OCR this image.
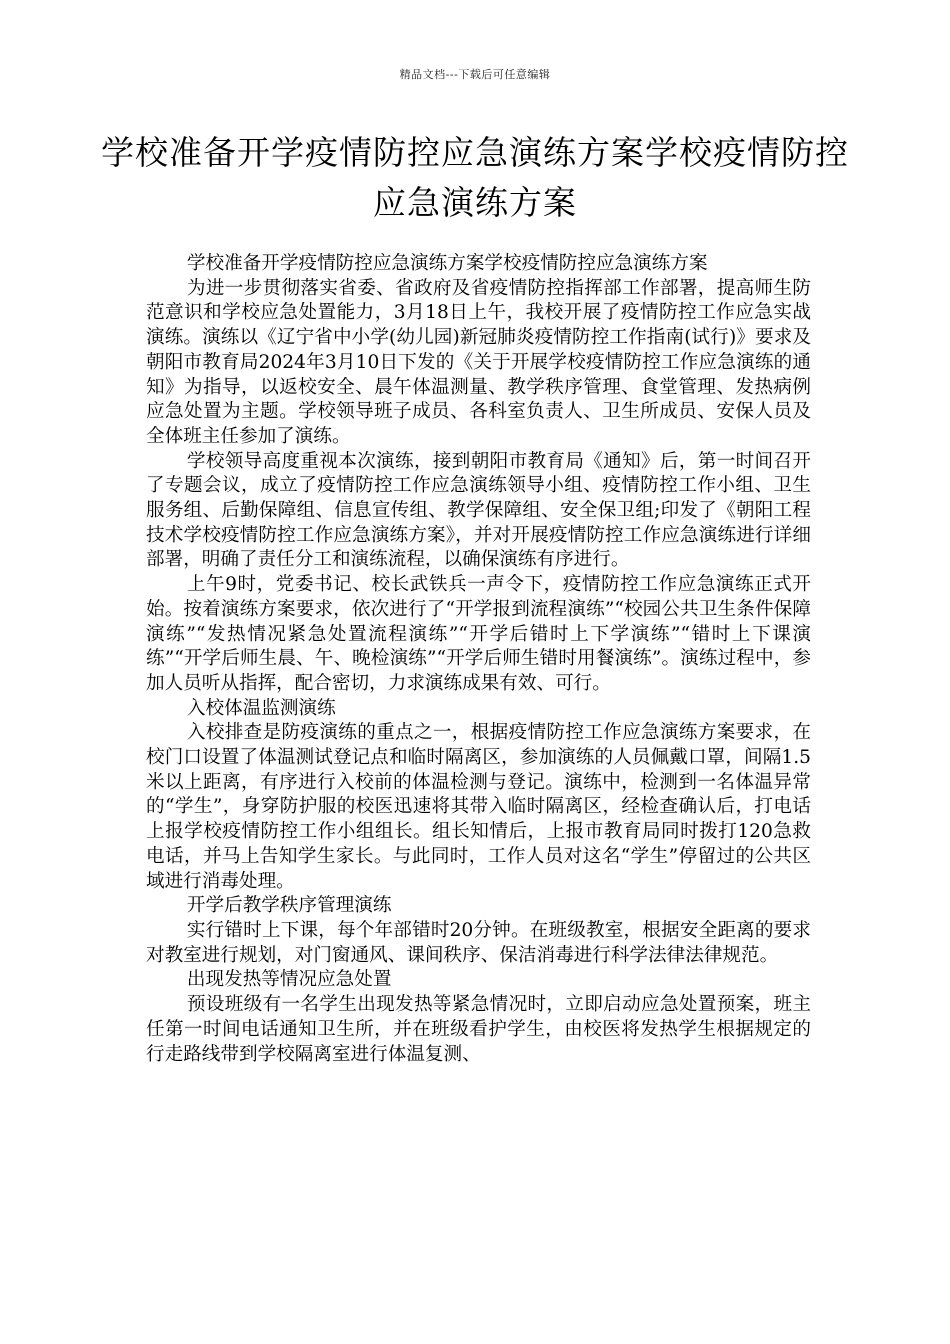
精品文档---下载后可任意编辑
学校准备开学疫情防控应急演练方案学校疫情防控应急演练方案

学校准备开学疫情防控应急演练方案学校疫情防控应急演练方案

为进一步贯彻落实省委、省政府及省疫情防控指挥部工作部署，提高师生防范意识和学校应急处置能力，3月18日上午，我校开展了疫情防控工作应急实战演练。演练以《辽宁省中小学(幼儿园)新冠肺炎疫情防控工作指南(试行)》要求及朝阳市教育局2024年3月10日下发的《关于开展学校疫情防控工作应急演练的通知》为指导，以返校安全、晨午体温测量、教学秩序管理、食堂管理、发热病例应急处置为主题。学校领导班子成员、各科室负责人、卫生所成员、安保人员及全体班主任参加了演练。

学校领导高度重视本次演练，接到朝阳市教育局《通知》后，第一时间召开了专题会议，成立了疫情防控工作应急演练领导小组、疫情防控工作小组、卫生服务组、后勤保障组、信息宣传组、教学保障组、安全保卫组;印发了《朝阳工程技术学校疫情防控工作应急演练方案》，并对开展疫情防控工作应急演练进行详细部署，明确了责任分工和演练流程，以确保演练有序进行。

上午9时，党委书记、校长武铁兵一声令下，疫情防控工作应急演练正式开始。按着演练方案要求，依次进行了“开学报到流程演练”“校园公共卫生条件保障演练”“发热情况紧急处置流程演练”“开学后错时上下学演练”“错时上下课演练”“开学后师生晨、午、晚检演练”“开学后师生错时用餐演练”。演练过程中，参加人员听从指挥，配合密切，力求演练成果有效、可行。

入校体温监测演练

入校排查是防疫演练的重点之一，根据疫情防控工作应急演练方案要求，在校门口设置了体温测试登记点和临时隔离区，参加演练的人员佩戴口罩，间隔1.5米以上距离，有序进行入校前的体温检测与登记。演练中，检测到一名体温异常的“学生”，身穿防护服的校医迅速将其带入临时隔离区，经检查确认后，打电话上报学校疫情防控工作小组组长。组长知情后，上报市教育局同时拨打120急救电话，并马上告知学生家长。与此同时，工作人员对这名“学生”停留过的公共区域进行消毒处理。

开学后教学秩序管理演练

实行错时上下课，每个年部错时20分钟。在班级教室，根据安全距离的要求对教室进行规划，对门窗通风、课间秩序、保洁消毒进行科学法律法律规范。

出现发热等情况应急处置

预设班级有一名学生出现发热等紧急情况时，立即启动应急处置预案，班主任第一时间电话通知卫生所，并在班级看护学生，由校医将发热学生根据规定的行走路线带到学校隔离室进行体温复测、
